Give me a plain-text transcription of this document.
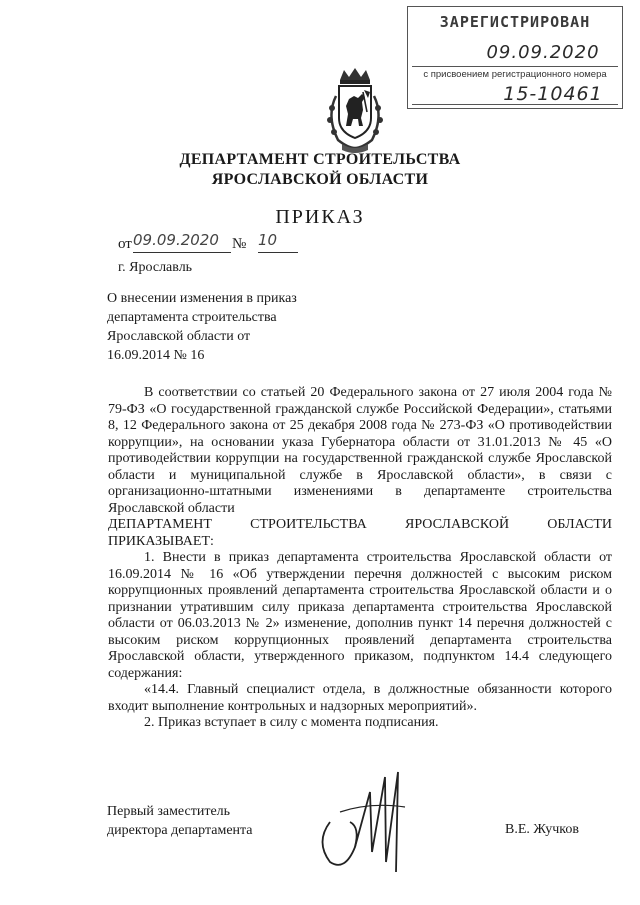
ЗАРЕГИСТРИРОВАН
09.09.2020
с присвоением регистрационного номера
15-10461
ДЕПАРТАМЕНТ СТРОИТЕЛЬСТВА
ЯРОСЛАВСКОЙ ОБЛАСТИ
ПРИКАЗ
от 09.09.2020 № 10
г. Ярославль
О внесении изменения в приказ
департамента строительства
Ярославской области от
16.09.2014 № 16

В соответствии со статьей 20 Федерального закона от 27 июля 2004 года № 79-ФЗ «О государственной гражданской службе Российской Федерации», статьями 8, 12 Федерального закона от 25 декабря 2008 года № 273-ФЗ «О противодействии коррупции», на основании указа Губернатора области от 31.01.2013 № 45 «О противодействии коррупции на государственной гражданской службе Ярославской области и муниципальной службе в Ярославской области», в связи с организационно-штатными изменениями в департаменте строительства Ярославской области

ДЕПАРТАМЕНТ СТРОИТЕЛЬСТВА ЯРОСЛАВСКОЙ ОБЛАСТИ

ПРИКАЗЫВАЕТ:

1. Внести в приказ департамента строительства Ярославской области от 16.09.2014 № 16 «Об утверждении перечня должностей с высоким риском коррупционных проявлений департамента строительства Ярославской области и о признании утратившим силу приказа департамента строительства Ярославской области от 06.03.2013 № 2» изменение, дополнив пункт 14 перечня должностей с высоким риском коррупционных проявлений департамента строительства Ярославской области, утвержденного приказом, подпунктом 14.4 следующего содержания:

«14.4. Главный специалист отдела, в должностные обязанности которого входит выполнение контрольных и надзорных мероприятий».

2. Приказ вступает в силу с момента подписания.

Первый заместитель
директора департамента	В.Е. Жучков
